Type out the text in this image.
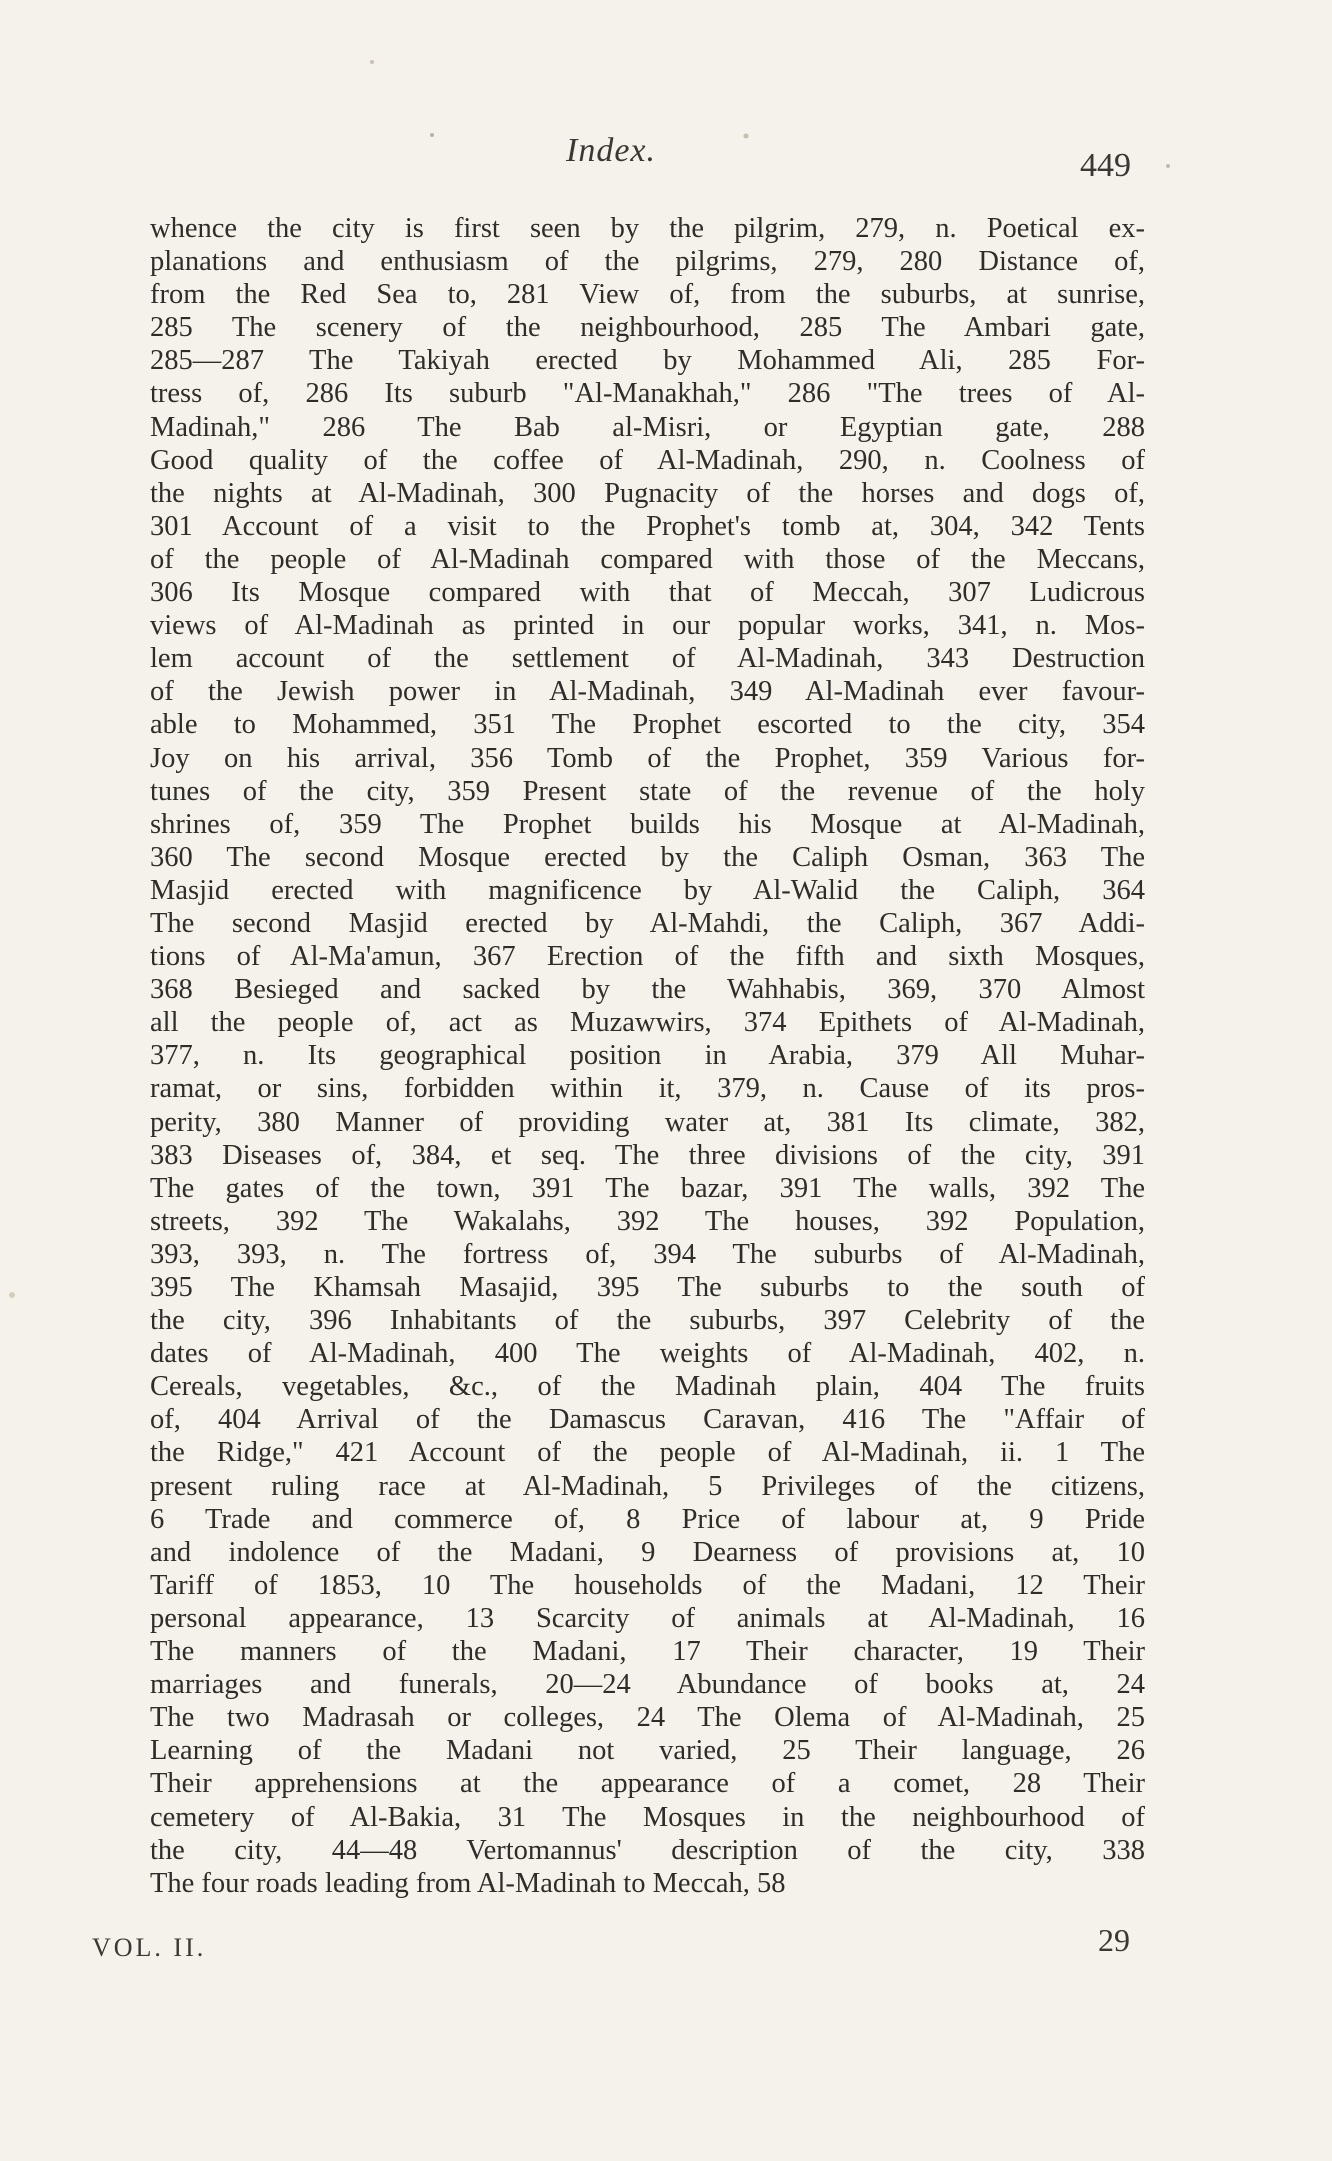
Index.	449
whence the city is first seen by the pilgrim, 279, n. Poetical ex-
planations and enthusiasm of the pilgrims, 279, 280 Distance of,
from the Red Sea to, 281 View of, from the suburbs, at sunrise,
285 The scenery of the neighbourhood, 285 The Ambari gate,
285—287 The Takiyah erected by Mohammed Ali, 285 For-
tress of, 286 Its suburb "Al-Manakhah," 286 "The trees of Al-
Madinah," 286 The Bab al-Misri, or Egyptian gate, 288
Good quality of the coffee of Al-Madinah, 290, n. Coolness of
the nights at Al-Madinah, 300 Pugnacity of the horses and dogs of,
301 Account of a visit to the Prophet's tomb at, 304, 342 Tents
of the people of Al-Madinah compared with those of the Meccans,
306 Its Mosque compared with that of Meccah, 307 Ludicrous
views of Al-Madinah as printed in our popular works, 341, n. Mos-
lem account of the settlement of Al-Madinah, 343 Destruction
of the Jewish power in Al-Madinah, 349 Al-Madinah ever favour-
able to Mohammed, 351 The Prophet escorted to the city, 354
Joy on his arrival, 356 Tomb of the Prophet, 359 Various for-
tunes of the city, 359 Present state of the revenue of the holy
shrines of, 359 The Prophet builds his Mosque at Al-Madinah,
360 The second Mosque erected by the Caliph Osman, 363 The
Masjid erected with magnificence by Al-Walid the Caliph, 364
The second Masjid erected by Al-Mahdi, the Caliph, 367 Addi-
tions of Al-Ma'amun, 367 Erection of the fifth and sixth Mosques,
368 Besieged and sacked by the Wahhabis, 369, 370 Almost
all the people of, act as Muzawwirs, 374 Epithets of Al-Madinah,
377, n. Its geographical position in Arabia, 379 All Muhar-
ramat, or sins, forbidden within it, 379, n. Cause of its pros-
perity, 380 Manner of providing water at, 381 Its climate, 382,
383 Diseases of, 384, et seq. The three divisions of the city, 391
The gates of the town, 391 The bazar, 391 The walls, 392 The
streets, 392 The Wakalahs, 392 The houses, 392 Population,
393, 393, n. The fortress of, 394 The suburbs of Al-Madinah,
395 The Khamsah Masajid, 395 The suburbs to the south of
the city, 396 Inhabitants of the suburbs, 397 Celebrity of the
dates of Al-Madinah, 400 The weights of Al-Madinah, 402, n.
Cereals, vegetables, &c., of the Madinah plain, 404 The fruits
of, 404 Arrival of the Damascus Caravan, 416 The "Affair of
the Ridge," 421 Account of the people of Al-Madinah, ii. 1 The
present ruling race at Al-Madinah, 5 Privileges of the citizens,
6 Trade and commerce of, 8 Price of labour at, 9 Pride
and indolence of the Madani, 9 Dearness of provisions at, 10
Tariff of 1853, 10 The households of the Madani, 12 Their
personal appearance, 13 Scarcity of animals at Al-Madinah, 16
The manners of the Madani, 17 Their character, 19 Their
marriages and funerals, 20—24 Abundance of books at, 24
The two Madrasah or colleges, 24 The Olema of Al-Madinah, 25
Learning of the Madani not varied, 25 Their language, 26
Their apprehensions at the appearance of a comet, 28 Their
cemetery of Al-Bakia, 31 The Mosques in the neighbourhood of
the city, 44—48 Vertomannus' description of the city, 338
The four roads leading from Al-Madinah to Meccah, 58
VOL. II.	29
